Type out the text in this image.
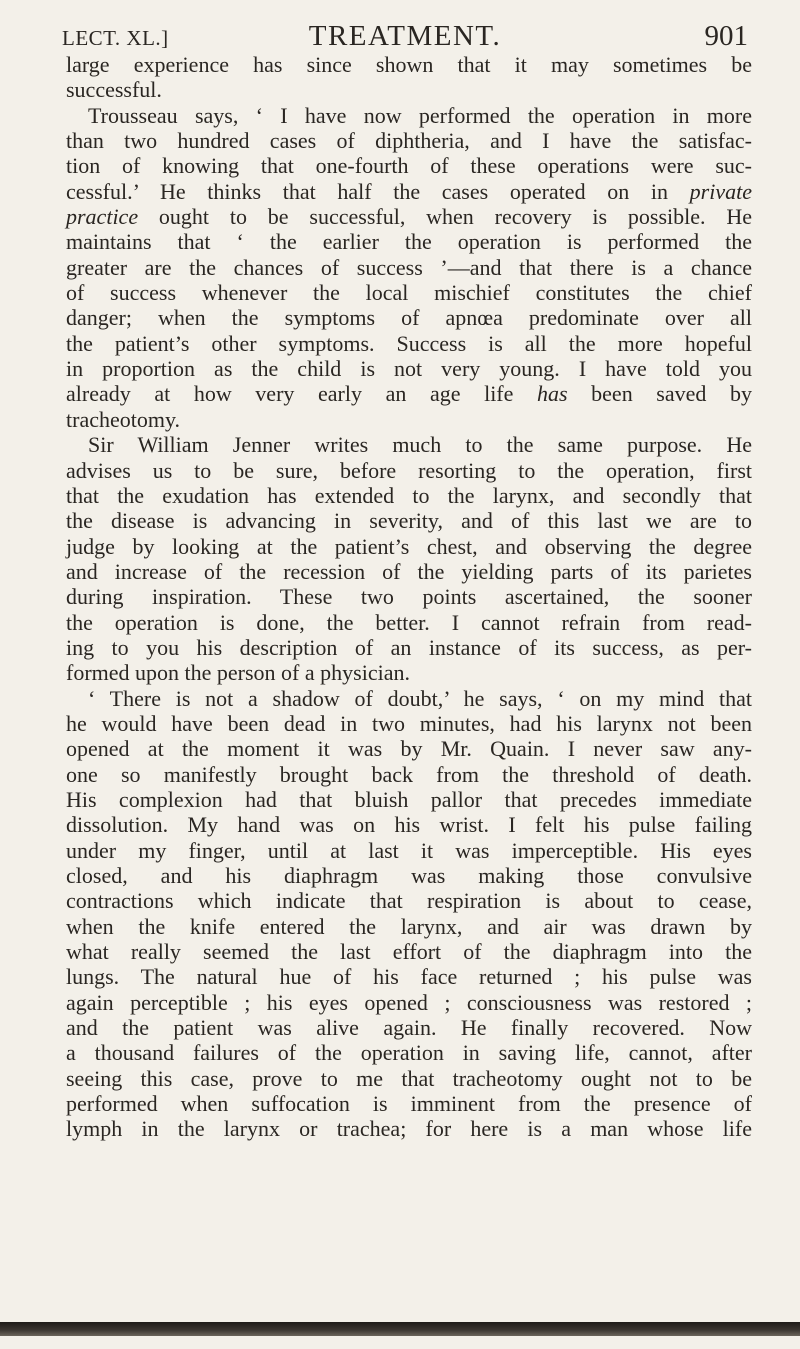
LECT. XL.]	TREATMENT.	901
large experience has since shown that it may sometimes be
successful.
Trousseau says, ‘ I have now performed the operation in more
than two hundred cases of diphtheria, and I have the satisfac-
tion of knowing that one-fourth of these operations were suc-
cessful.’ He thinks that half the cases operated on in private
practice ought to be successful, when recovery is possible. He
maintains that ‘ the earlier the operation is performed the
greater are the chances of success ’—and that there is a chance
of success whenever the local mischief constitutes the chief
danger; when the symptoms of apnœa predominate over all
the patient’s other symptoms. Success is all the more hopeful
in proportion as the child is not very young. I have told you
already at how very early an age life has been saved by
tracheotomy.
Sir William Jenner writes much to the same purpose. He
advises us to be sure, before resorting to the operation, first
that the exudation has extended to the larynx, and secondly that
the disease is advancing in severity, and of this last we are to
judge by looking at the patient’s chest, and observing the degree
and increase of the recession of the yielding parts of its parietes
during inspiration. These two points ascertained, the sooner
the operation is done, the better. I cannot refrain from read-
ing to you his description of an instance of its success, as per-
formed upon the person of a physician.
‘ There is not a shadow of doubt,’ he says, ‘ on my mind that
he would have been dead in two minutes, had his larynx not been
opened at the moment it was by Mr. Quain. I never saw any-
one so manifestly brought back from the threshold of death.
His complexion had that bluish pallor that precedes immediate
dissolution. My hand was on his wrist. I felt his pulse failing
under my finger, until at last it was imperceptible. His eyes
closed, and his diaphragm was making those convulsive
contractions which indicate that respiration is about to cease,
when the knife entered the larynx, and air was drawn by
what really seemed the last effort of the diaphragm into the
lungs. The natural hue of his face returned ; his pulse was
again perceptible ; his eyes opened ; consciousness was restored ;
and the patient was alive again. He finally recovered. Now
a thousand failures of the operation in saving life, cannot, after
seeing this case, prove to me that tracheotomy ought not to be
performed when suffocation is imminent from the presence of
lymph in the larynx or trachea; for here is a man whose life
